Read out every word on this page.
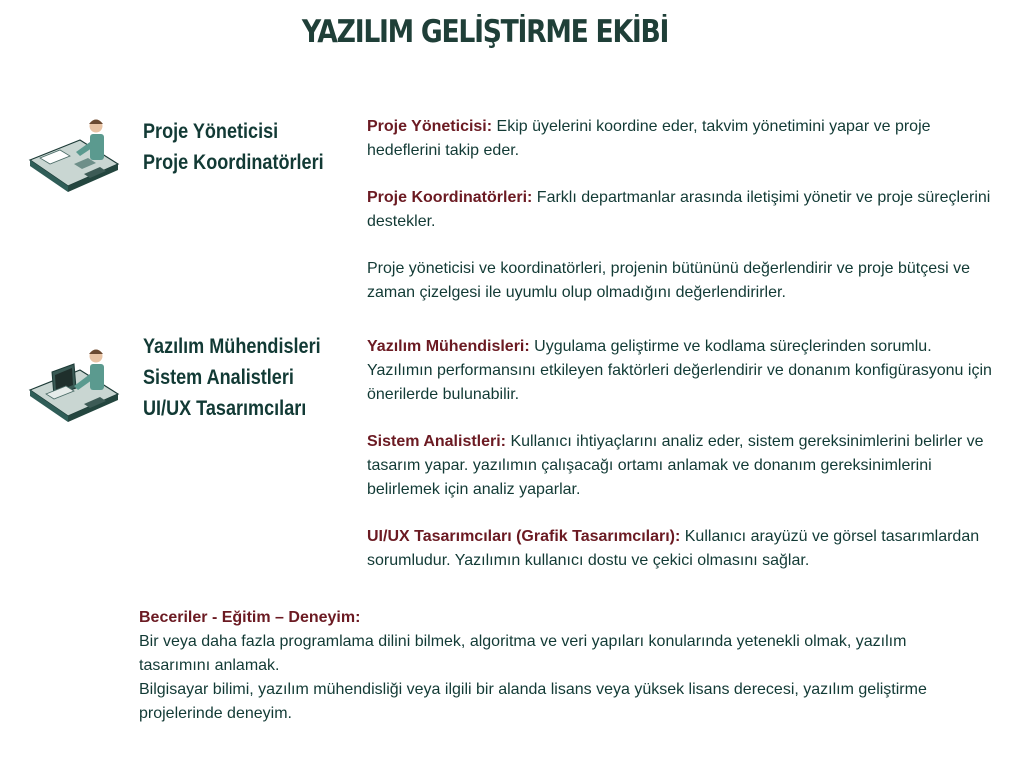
YAZILIM GELİŞTİRME EKİBİ
Proje Yöneticisi
Proje Koordinatörleri

Proje Yöneticisi: Ekip üyelerini koordine eder, takvim yönetimini yapar ve proje hedeflerini takip eder.

Proje Koordinatörleri: Farklı departmanlar arasında iletişimi yönetir ve proje süreçlerini destekler.

Proje yöneticisi ve koordinatörleri, projenin bütününü değerlendirir ve proje bütçesi ve zaman çizelgesi ile uyumlu olup olmadığını değerlendirirler.

Yazılım Mühendisleri
Sistem Analistleri
UI/UX Tasarımcıları

Yazılım Mühendisleri: Uygulama geliştirme ve kodlama süreçlerinden sorumlu. Yazılımın performansını etkileyen faktörleri değerlendirir ve donanım konfigürasyonu için önerilerde bulunabilir.

Sistem Analistleri: Kullanıcı ihtiyaçlarını analiz eder, sistem gereksinimlerini belirler ve tasarım yapar. yazılımın çalışacağı ortamı anlamak ve donanım gereksinimlerini belirlemek için analiz yaparlar.

UI/UX Tasarımcıları (Grafik Tasarımcıları): Kullanıcı arayüzü ve görsel tasarımlardan sorumludur. Yazılımın kullanıcı dostu ve çekici olmasını sağlar.

Beceriler - Eğitim – Deneyim:

Bir veya daha fazla programlama dilini bilmek, algoritma ve veri yapıları konularında yetenekli olmak, yazılım tasarımını anlamak.

Bilgisayar bilimi, yazılım mühendisliği veya ilgili bir alanda lisans veya yüksek lisans derecesi, yazılım geliştirme projelerinde deneyim.
